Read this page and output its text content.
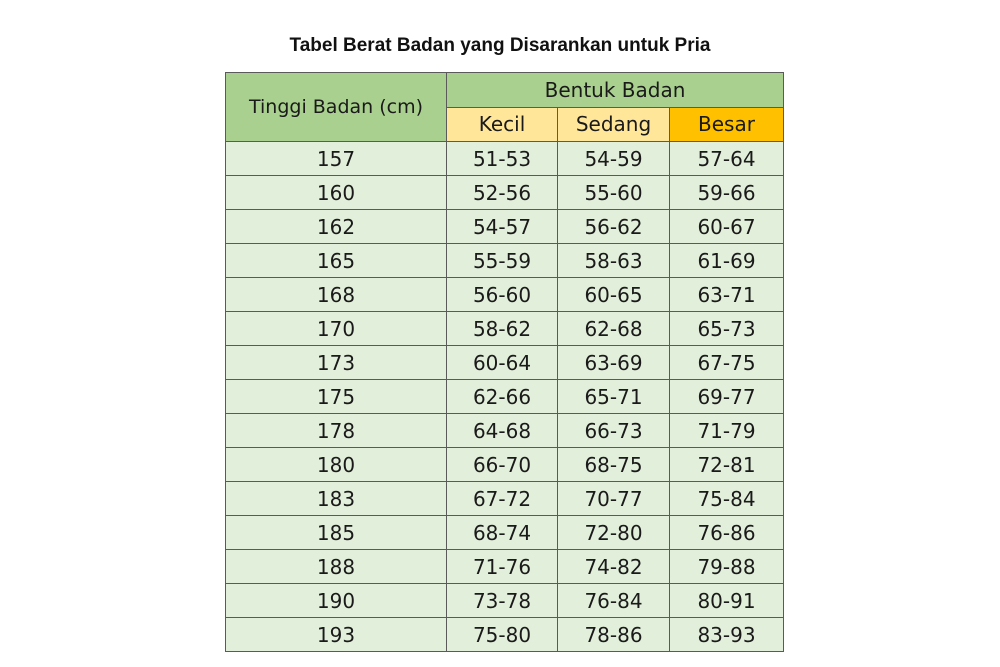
Tabel Berat Badan yang Disarankan untuk Pria
Tinggi Badan (cm)	Bentuk Badan		
	Kecil	Sedang	Besar
157	51-53	54-59	57-64
160	52-56	55-60	59-66
162	54-57	56-62	60-67
165	55-59	58-63	61-69
168	56-60	60-65	63-71
170	58-62	62-68	65-73
173	60-64	63-69	67-75
175	62-66	65-71	69-77
178	64-68	66-73	71-79
180	66-70	68-75	72-81
183	67-72	70-77	75-84
185	68-74	72-80	76-86
188	71-76	74-82	79-88
190	73-78	76-84	80-91
193	75-80	78-86	83-93
